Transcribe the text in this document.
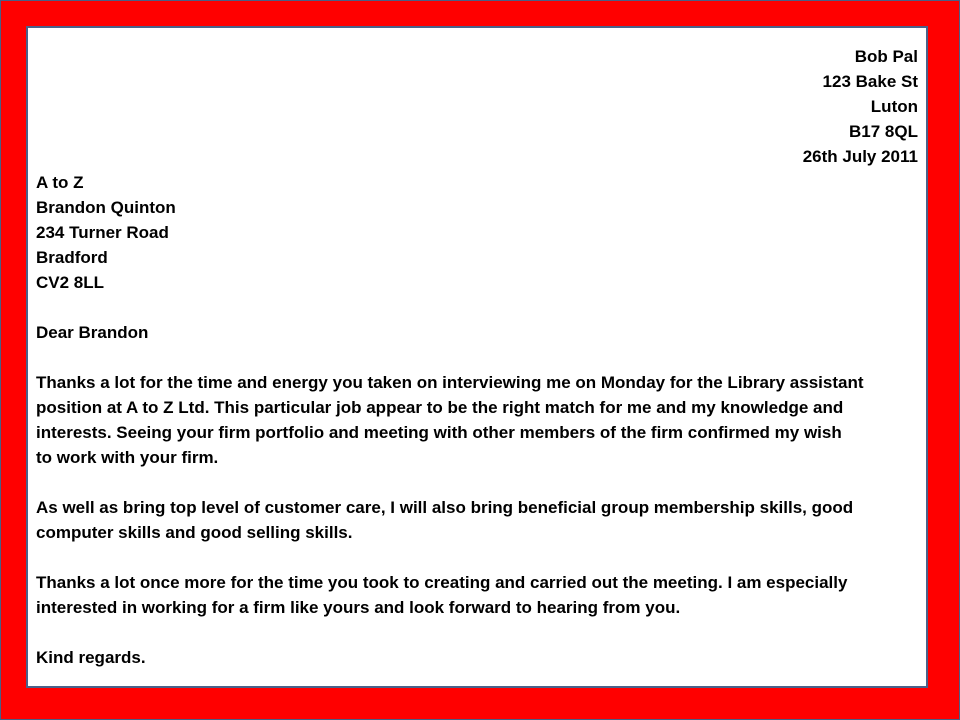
Bob Pal
123 Bake St
Luton
B17 8QL
26th July 2011
A to Z
Brandon Quinton
234 Turner Road
Bradford
CV2 8LL
Dear Brandon
Thanks a lot for the time and energy you taken on interviewing me on Monday for the Library assistant
position at A to Z Ltd. This particular job appear to be the right match for me and my knowledge and
interests. Seeing your firm portfolio and meeting with other members of the firm confirmed my wish
to work with your firm.
As well as bring top level of customer care, I will also bring beneficial group membership skills, good
computer skills and good selling skills.
Thanks a lot once more for the time you took to creating and carried out the meeting. I am especially
interested in working for a firm like yours and look forward to hearing from you.
Kind regards.
